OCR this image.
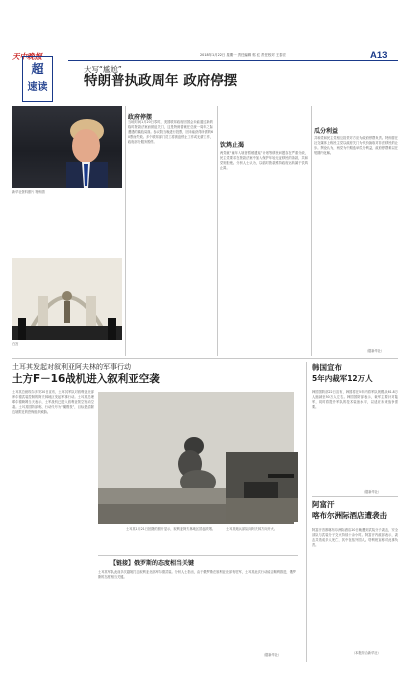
天中晚报
超
速读
2018年1月22日 星期一 责任编辑 郭 红 责任校对 王泰宏	A13
大写“尴尬”
特朗普执政周年 政府停摆
新华社资料照片 特朗普
白宫
政府停摆
当地时间1月20日零时，美国联邦政府因国会未能通过新的临时拨款法案而被迫关门，这是特朗普就任总统一周年之际遭遇的尴尬局面。参议院当晚进行投票，因未能获得所需的60票而失败。多个联邦部门员工将被迫停止工作或无薪工作，政府部分服务暂停。	饮鸩止渴
两党就“童年入境者暂缓遣返”计划等移民问题存在严重分歧，民主党要求在拨款法案中加入保护年轻无证移民的条款，共和党则拒绝。分析人士认为，以临时拨款维持政府运转属于饮鸩止渴。
瓜分利益
共和党和民主党相互指责对方应为政府停摆负责。特朗普在社交媒体上称民主党以政府关门为代价换取对非法移民的让步。舆论认为，两党为中期选举瓜分利益，政府停摆难以在短期内化解。
（据新华社）
土耳其发起对叙利亚阿夫林的军事行动
土方F－16战机进入叙利亚空袭
土耳其总统埃尔多安20日宣布，土耳其军队对叙利亚北部库尔德武装控制的阿夫林地区发起军事行动。土耳其总理耶尔德勒姆当天表示，土军战机已进入叙利亚领空发动空袭。土耳其国防部称，行动代号为“橄榄枝”，目标是清除边境附近的恐怖组织威胁。
土耳其1月21日拍摄的照片显示，叙利亚阿夫林地区冒起浓烟。	土耳其炮兵部队向阿夫林方向开火。
【链接】俄罗斯的态度相当关键
土耳其军队此前多次越境打击叙利亚北部库尔德武装。分析人士指出，由于俄罗斯在叙利亚北部有驻军，土耳其此次行动能否顺利推进，俄罗斯的态度相当关键。
（据新华社）
韩国宣布
5年内裁军12万人
韩国国防部22日宣布，韩国将在5年内将军队规模从61.8万人缩减至50万人左右。韩国国防部表示，裁军主要针对陆军，同时将提升军队的技术装备水平，以适应未来战争需要。
（据新华社）
阿富汗
喀布尔洲际酒店遭袭击
阿富汗首都喀布尔洲际酒店20日晚遭到武装分子袭击，安全部队与武装分子交火持续十余小时。阿富汗内政部表示，袭击共造成多人死亡，其中包括外国人。塔利班宣称对此事负责。
（本报综合新华社）
